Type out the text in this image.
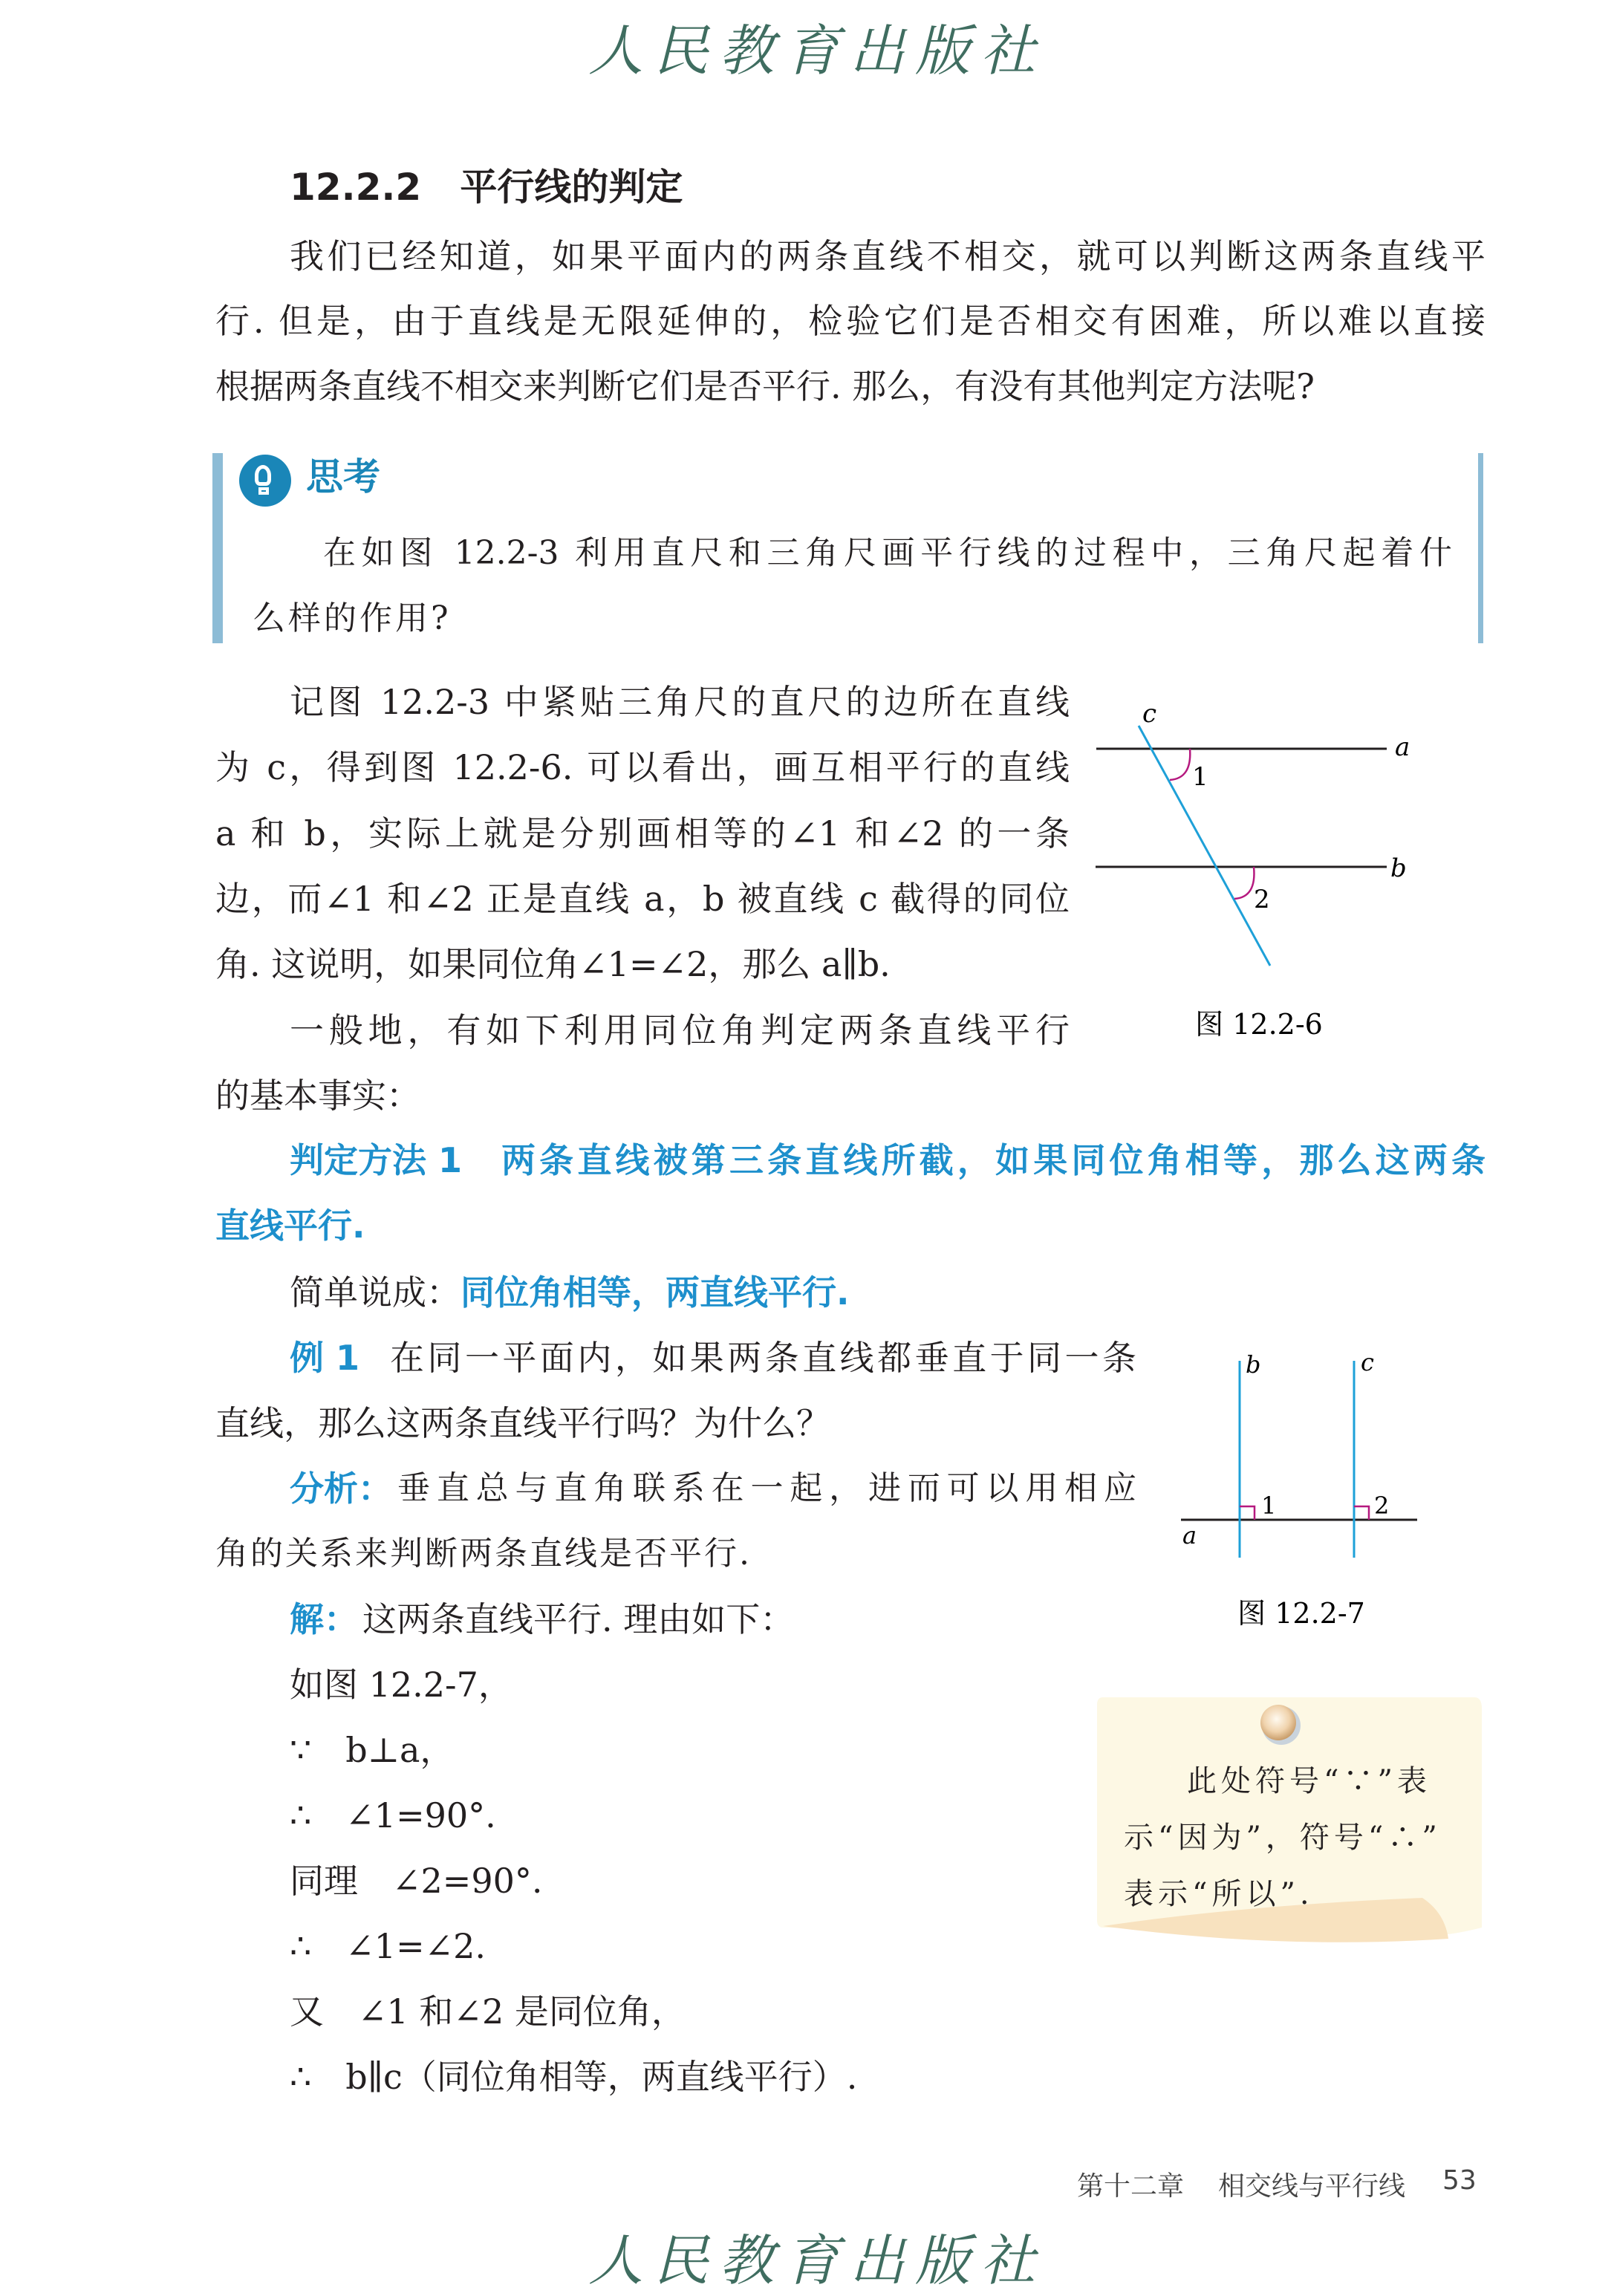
人民教育出版社
12.2.2 平行线的判定
我们已经知道，如果平面内的两条直线不相交，就可以判断这两条直线平
行. 但是，由于直线是无限延伸的，检验它们是否相交有困难，所以难以直接
根据两条直线不相交来判断它们是否平行. 那么，有没有其他判定方法呢?
思考
在如图 12.2-3 利用直尺和三角尺画平行线的过程中，三角尺起着什
么样的作用?
记图 12.2-3 中紧贴三角尺的直尺的边所在直线
为 c，得到图 12.2-6. 可以看出，画互相平行的直线
a 和 b，实际上就是分别画相等的∠1 和∠2 的一条
边，而∠1 和∠2 正是直线 a，b 被直线 c 截得的同位
角. 这说明，如果同位角∠1=∠2，那么 a∥b.
一般地，有如下利用同位角判定两条直线平行
的基本事实：
c
a
b
1
2
图 12.2-6
判定方法 1 两条直线被第三条直线所截，如果同位角相等，那么这两条
直线平行.
简单说成：同位角相等，两直线平行.
例 1 在同一平面内，如果两条直线都垂直于同一条
直线，那么这两条直线平行吗？为什么？
分析： 垂直总与直角联系在一起，进而可以用相应
角的关系来判断两条直线是否平行.
解： 这两条直线平行. 理由如下：
如图 12.2-7，
∵　b⊥a，
∴　∠1=90°.
同理　∠2=90°.
∴　∠1=∠2.
又　∠1 和∠2 是同位角，
∴　b∥c（同位角相等，两直线平行）.
b	c
a
1	2
图 12.2-7
此处符号“∵”表
示“因为”，符号“∴”
表示“所以”.
第十二章 相交线与平行线 53
人民教育出版社
